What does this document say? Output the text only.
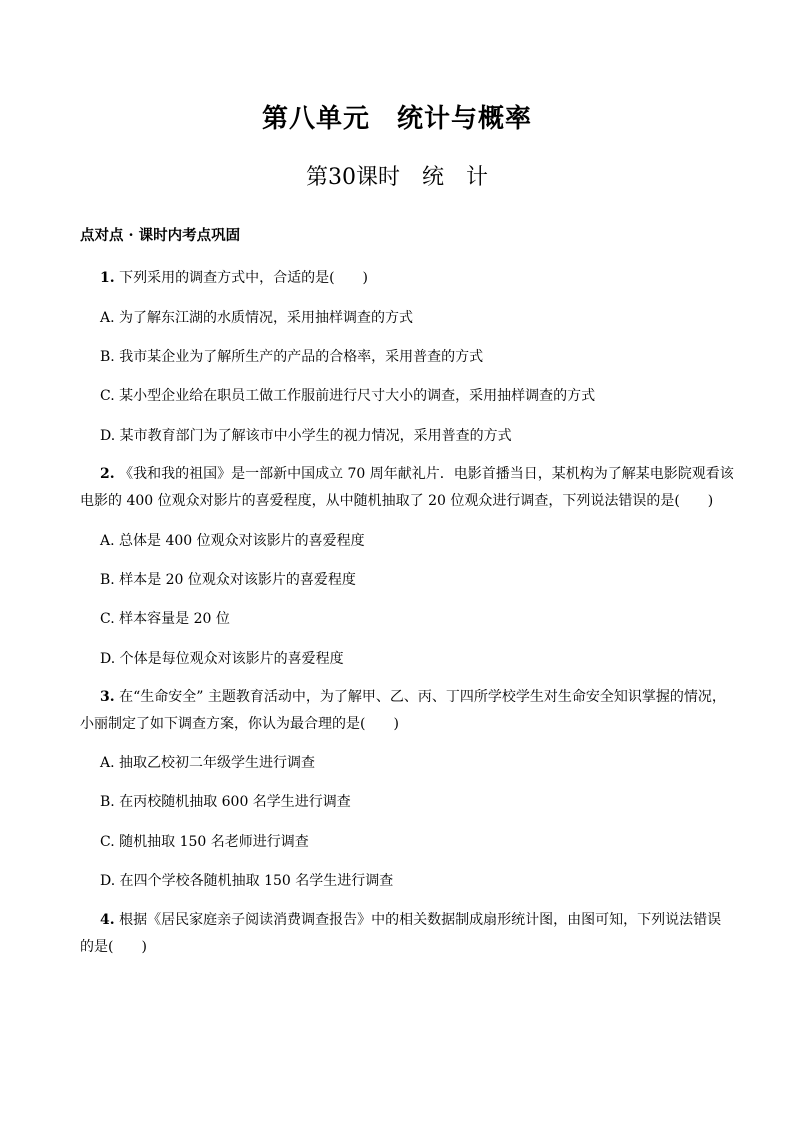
第八单元　统计与概率
第30课时　统　计
点对点 · 课时内考点巩固
1. 下列采用的调查方式中，合适的是(　　)
A. 为了解东江湖的水质情况，采用抽样调查的方式
B. 我市某企业为了解所生产的产品的合格率，采用普查的方式
C. 某小型企业给在职员工做工作服前进行尺寸大小的调查，采用抽样调查的方式
D. 某市教育部门为了解该市中小学生的视力情况，采用普查的方式
2. 《我和我的祖国》是一部新中国成立 70 周年献礼片．电影首播当日，某机构为了解某电影院观看该
电影的 400 位观众对影片的喜爱程度，从中随机抽取了 20 位观众进行调查，下列说法错误的是(　　)
A. 总体是 400 位观众对该影片的喜爱程度
B. 样本是 20 位观众对该影片的喜爱程度
C. 样本容量是 20 位
D. 个体是每位观众对该影片的喜爱程度
3. 在“生命安全” 主题教育活动中，为了解甲、乙、丙、丁四所学校学生对生命安全知识掌握的情况，
小丽制定了如下调查方案，你认为最合理的是(　　)
A. 抽取乙校初二年级学生进行调查
B. 在丙校随机抽取 600 名学生进行调查
C. 随机抽取 150 名老师进行调查
D. 在四个学校各随机抽取 150 名学生进行调查
4. 根据《居民家庭亲子阅读消费调查报告》中的相关数据制成扇形统计图，由图可知，下列说法错误
的是(　　)
